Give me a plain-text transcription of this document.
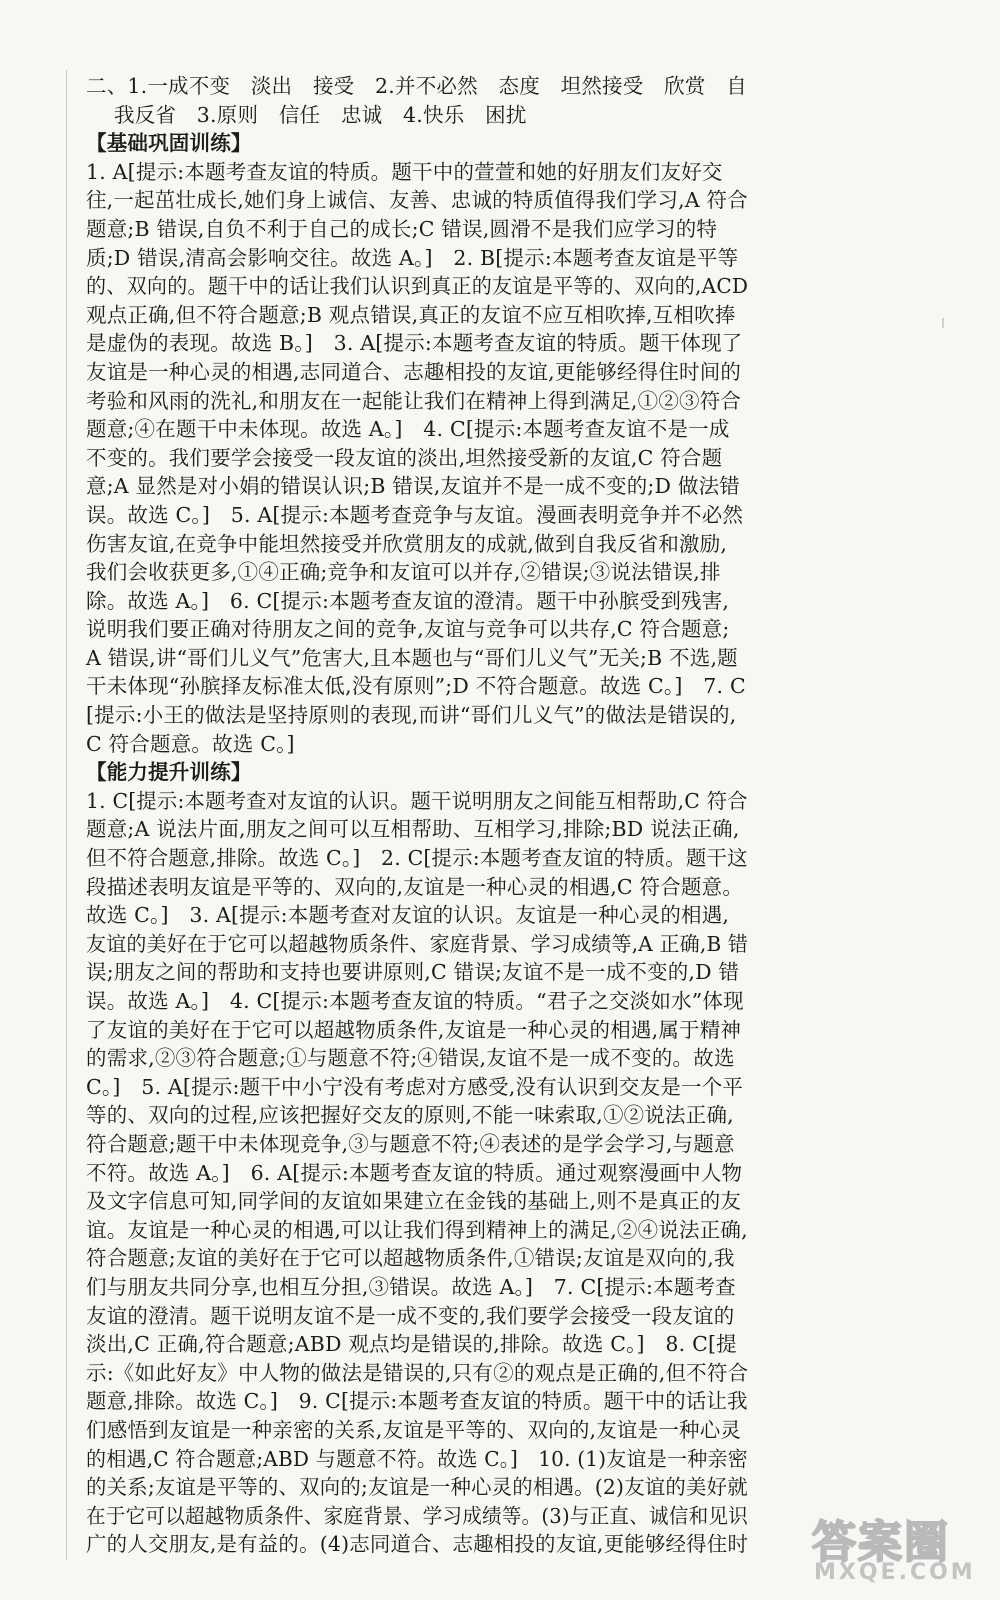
二、1.一成不变　淡出　接受　2.并不必然　态度　坦然接受　欣赏　自
我反省　3.原则　信任　忠诚　4.快乐　困扰
【基础巩固训练】
1. A[提示:本题考查友谊的特质。题干中的萱萱和她的好朋友们友好交
往,一起茁壮成长,她们身上诚信、友善、忠诚的特质值得我们学习,A 符合
题意;B 错误,自负不利于自己的成长;C 错误,圆滑不是我们应学习的特
质;D 错误,清高会影响交往。故选 A。]　2. B[提示:本题考查友谊是平等
的、双向的。题干中的话让我们认识到真正的友谊是平等的、双向的,ACD
观点正确,但不符合题意;B 观点错误,真正的友谊不应互相吹捧,互相吹捧
是虚伪的表现。故选 B。]　3. A[提示:本题考查友谊的特质。题干体现了
友谊是一种心灵的相遇,志同道合、志趣相投的友谊,更能够经得住时间的
考验和风雨的洗礼,和朋友在一起能让我们在精神上得到满足,①②③符合
题意;④在题干中未体现。故选 A。]　4. C[提示:本题考查友谊不是一成
不变的。我们要学会接受一段友谊的淡出,坦然接受新的友谊,C 符合题
意;A 显然是对小娟的错误认识;B 错误,友谊并不是一成不变的;D 做法错
误。故选 C。]　5. A[提示:本题考查竞争与友谊。漫画表明竞争并不必然
伤害友谊,在竞争中能坦然接受并欣赏朋友的成就,做到自我反省和激励,
我们会收获更多,①④正确;竞争和友谊可以并存,②错误;③说法错误,排
除。故选 A。]　6. C[提示:本题考查友谊的澄清。题干中孙膑受到残害,
说明我们要正确对待朋友之间的竞争,友谊与竞争可以共存,C 符合题意;
A 错误,讲“哥们儿义气”危害大,且本题也与“哥们儿义气”无关;B 不选,题
干未体现“孙膑择友标准太低,没有原则”;D 不符合题意。故选 C。]　7. C
[提示:小王的做法是坚持原则的表现,而讲“哥们儿义气”的做法是错误的,
C 符合题意。故选 C。]
【能力提升训练】
1. C[提示:本题考查对友谊的认识。题干说明朋友之间能互相帮助,C 符合
题意;A 说法片面,朋友之间可以互相帮助、互相学习,排除;BD 说法正确,
但不符合题意,排除。故选 C。]　2. C[提示:本题考查友谊的特质。题干这
段描述表明友谊是平等的、双向的,友谊是一种心灵的相遇,C 符合题意。
故选 C。]　3. A[提示:本题考查对友谊的认识。友谊是一种心灵的相遇,
友谊的美好在于它可以超越物质条件、家庭背景、学习成绩等,A 正确,B 错
误;朋友之间的帮助和支持也要讲原则,C 错误;友谊不是一成不变的,D 错
误。故选 A。]　4. C[提示:本题考查友谊的特质。“君子之交淡如水”体现
了友谊的美好在于它可以超越物质条件,友谊是一种心灵的相遇,属于精神
的需求,②③符合题意;①与题意不符;④错误,友谊不是一成不变的。故选
C。]　5. A[提示:题干中小宁没有考虑对方感受,没有认识到交友是一个平
等的、双向的过程,应该把握好交友的原则,不能一味索取,①②说法正确,
符合题意;题干中未体现竞争,③与题意不符;④表述的是学会学习,与题意
不符。故选 A。]　6. A[提示:本题考查友谊的特质。通过观察漫画中人物
及文字信息可知,同学间的友谊如果建立在金钱的基础上,则不是真正的友
谊。友谊是一种心灵的相遇,可以让我们得到精神上的满足,②④说法正确,
符合题意;友谊的美好在于它可以超越物质条件,①错误;友谊是双向的,我
们与朋友共同分享,也相互分担,③错误。故选 A。]　7. C[提示:本题考查
友谊的澄清。题干说明友谊不是一成不变的,我们要学会接受一段友谊的
淡出,C 正确,符合题意;ABD 观点均是错误的,排除。故选 C。]　8. C[提
示:《如此好友》中人物的做法是错误的,只有②的观点是正确的,但不符合
题意,排除。故选 C。]　9. C[提示:本题考查友谊的特质。题干中的话让我
们感悟到友谊是一种亲密的关系,友谊是平等的、双向的,友谊是一种心灵
的相遇,C 符合题意;ABD 与题意不符。故选 C。]　10. (1)友谊是一种亲密
的关系;友谊是平等的、双向的;友谊是一种心灵的相遇。(2)友谊的美好就
在于它可以超越物质条件、家庭背景、学习成绩等。(3)与正直、诚信和见识
广的人交朋友,是有益的。(4)志同道合、志趣相投的友谊,更能够经得住时 答案圈
MXQE.COM
